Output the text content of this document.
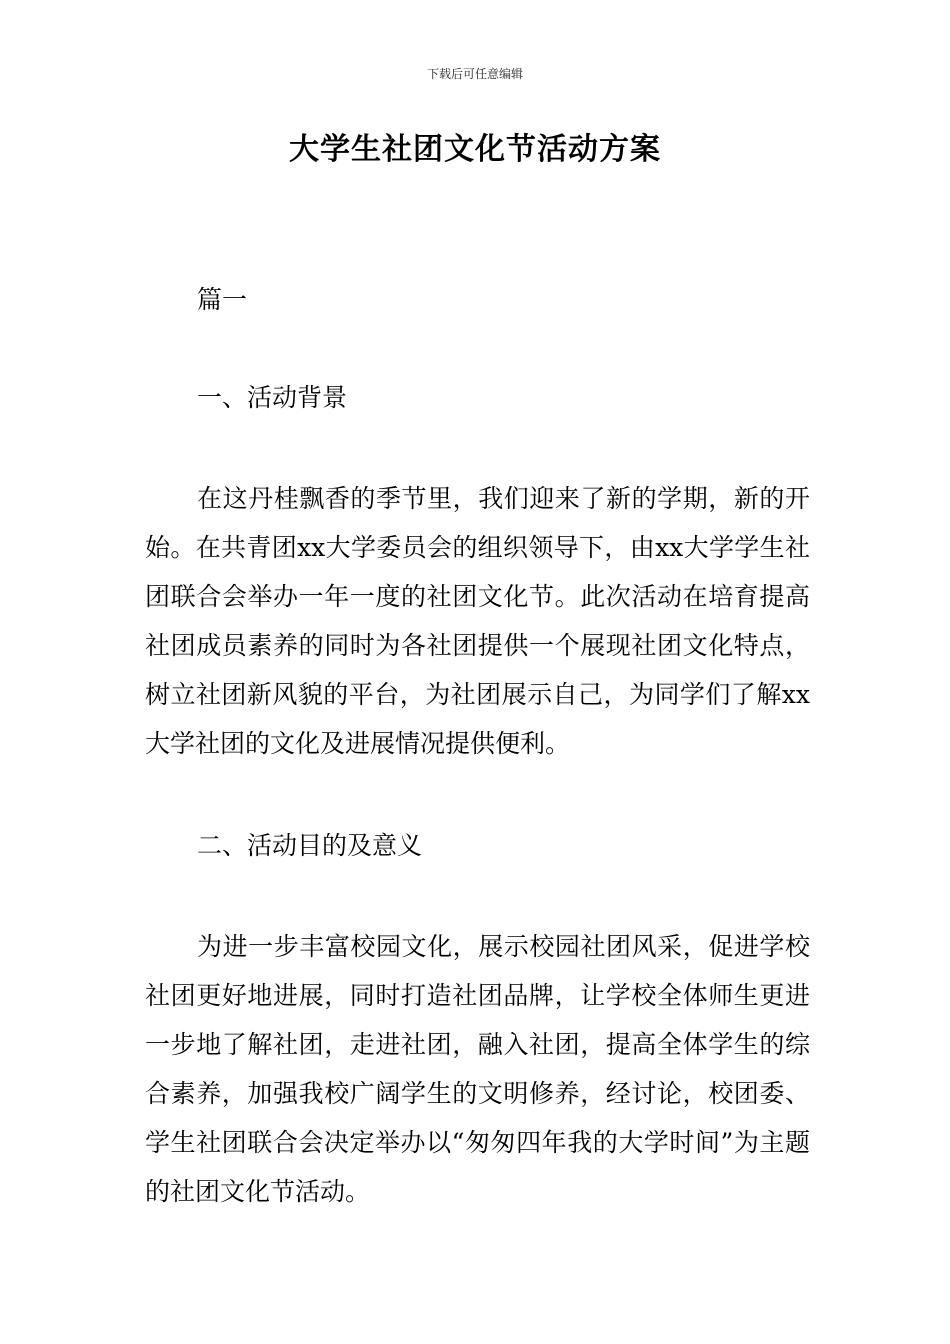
下载后可任意编辑
大学生社团文化节活动方案

篇一

一、活动背景

在这丹桂飘香的季节里，我们迎来了新的学期，新的开始。在共青团xx大学委员会的组织领导下，由xx大学学生社团联合会举办一年一度的社团文化节。此次活动在培育提高社团成员素养的同时为各社团提供一个展现社团文化特点，树立社团新风貌的平台，为社团展示自己，为同学们了解xx大学社团的文化及进展情况提供便利。

二、活动目的及意义

为进一步丰富校园文化，展示校园社团风采，促进学校社团更好地进展，同时打造社团品牌，让学校全体师生更进一步地了解社团，走进社团，融入社团，提高全体学生的综合素养，加强我校广阔学生的文明修养，经讨论，校团委、学生社团联合会决定举办以“匆匆四年我的大学时间”为主题的社团文化节活动。
